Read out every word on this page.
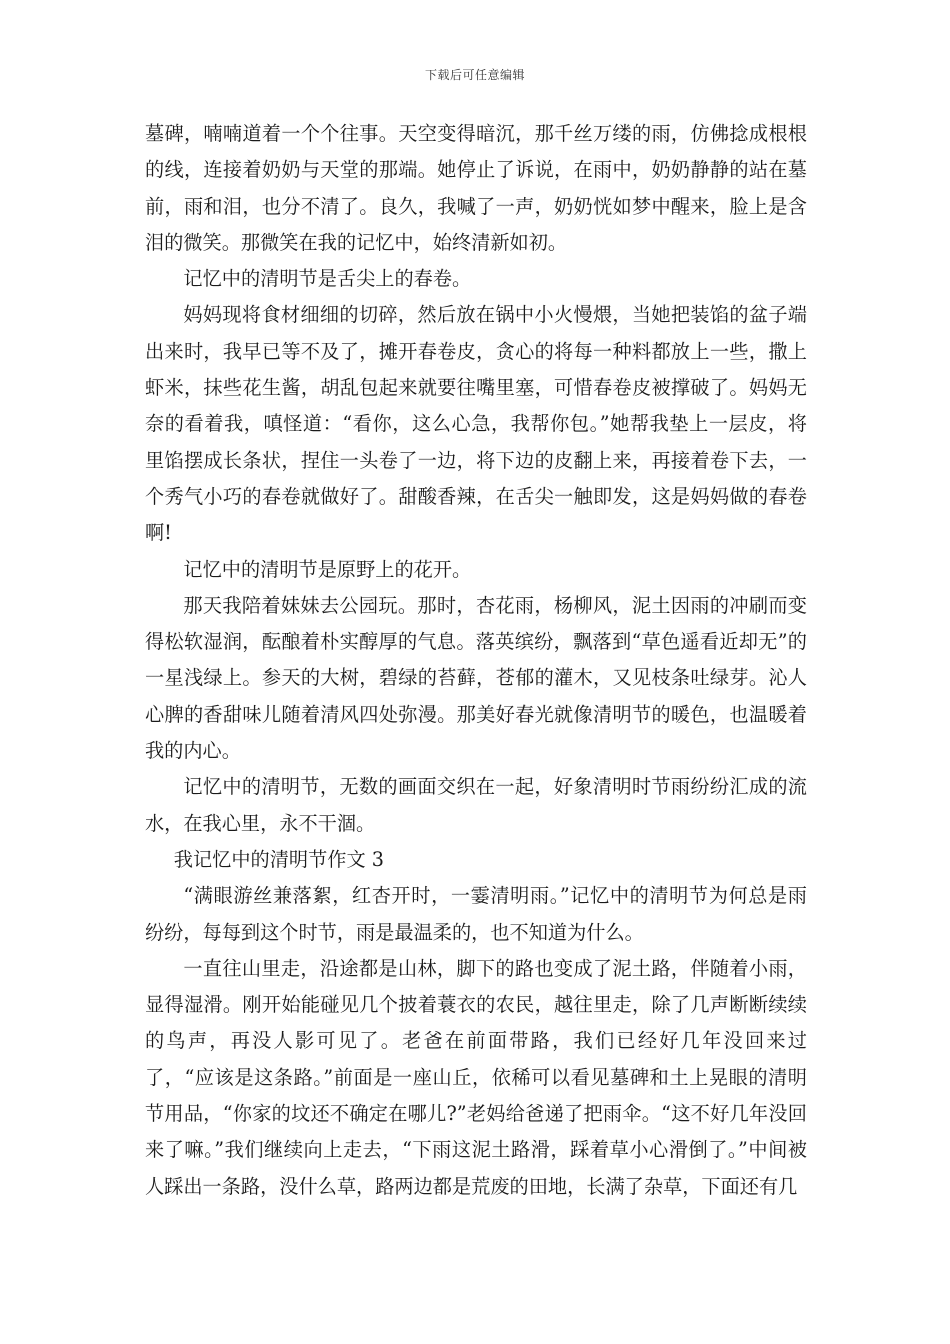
下载后可任意编辑

墓碑，喃喃道着一个个往事。天空变得暗沉，那千丝万缕的雨，仿佛捻成根根的线，连接着奶奶与天堂的那端。她停止了诉说，在雨中，奶奶静静的站在墓前，雨和泪，也分不清了。良久，我喊了一声，奶奶恍如梦中醒来，脸上是含泪的微笑。那微笑在我的记忆中，始终清新如初。

记忆中的清明节是舌尖上的春卷。

妈妈现将食材细细的切碎，然后放在锅中小火慢煨，当她把装馅的盆子端出来时，我早已等不及了，摊开春卷皮，贪心的将每一种料都放上一些，撒上虾米，抹些花生酱，胡乱包起来就要往嘴里塞，可惜春卷皮被撑破了。妈妈无奈的看着我，嗔怪道：“看你，这么心急，我帮你包。”她帮我垫上一层皮，将里馅摆成长条状，捏住一头卷了一边，将下边的皮翻上来，再接着卷下去，一个秀气小巧的春卷就做好了。甜酸香辣，在舌尖一触即发，这是妈妈做的春卷啊!

记忆中的清明节是原野上的花开。

那天我陪着妹妹去公园玩。那时，杏花雨，杨柳风，泥土因雨的冲刷而变得松软湿润，酝酿着朴实醇厚的气息。落英缤纷，飘落到“草色遥看近却无”的一星浅绿上。参天的大树，碧绿的苔藓，苍郁的灌木，又见枝条吐绿芽。沁人心脾的香甜味儿随着清风四处弥漫。那美好春光就像清明节的暖色，也温暖着我的内心。

记忆中的清明节，无数的画面交织在一起，好象清明时节雨纷纷汇成的流水，在我心里，永不干涸。

我记忆中的清明节作文 3

“满眼游丝兼落絮，红杏开时，一霎清明雨。”记忆中的清明节为何总是雨纷纷，每每到这个时节，雨是最温柔的，也不知道为什么。

一直往山里走，沿途都是山林，脚下的路也变成了泥土路，伴随着小雨，显得湿滑。刚开始能碰见几个披着蓑衣的农民，越往里走，除了几声断断续续的鸟声，再没人影可见了。老爸在前面带路，我们已经好几年没回来过了，“应该是这条路。”前面是一座山丘，依稀可以看见墓碑和土上晃眼的清明节用品，“你家的坟还不确定在哪儿?”老妈给爸递了把雨伞。“这不好几年没回来了嘛。”我们继续向上走去，“下雨这泥土路滑，踩着草小心滑倒了。”中间被人踩出一条路，没什么草，路两边都是荒废的田地，长满了杂草，下面还有几
